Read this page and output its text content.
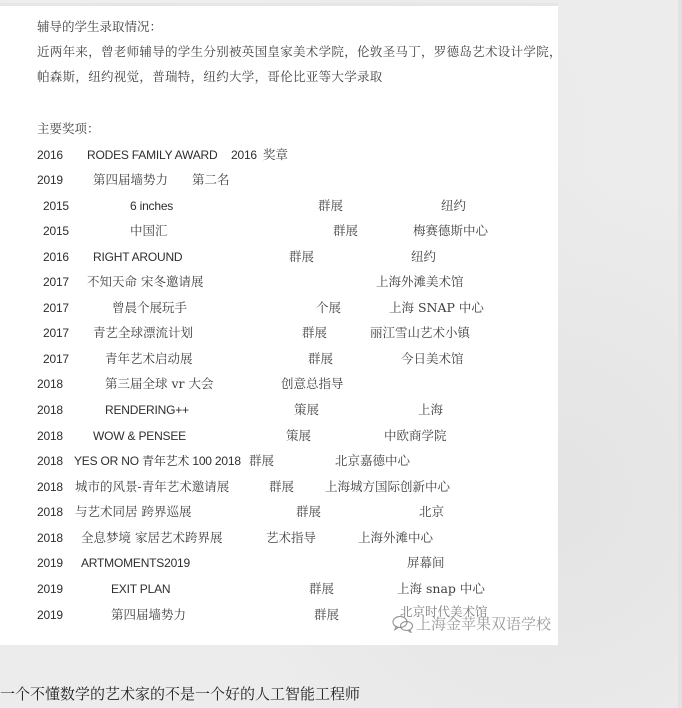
辅导的学生录取情况：
近两年来，曾老师辅导的学生分别被英国皇家美术学院，伦敦圣马丁，罗德岛艺术设计学院，
帕森斯，纽约视觉，普瑞特，纽约大学，哥伦比亚等大学录取
主要奖项：
2016 RODES FAMILY AWARD 2016 奖章
2019 第四届墙势力 第二名
2015	6 inches	群展	纽约
2015	中国汇	群展	梅赛德斯中心
2016 RIGHT AROUND	群展	纽约
2017 不知天命 宋冬邀请展	上海外滩美术馆
2017	曾晨个展玩手	个展	上海 SNAP 中心
2017 青艺全球漂流计划	群展	丽江雪山艺术小镇
2017	青年艺术启动展	群展	今日美术馆
2018	第三届全球 vr 大会	创意总指导
2018	RENDERING++	策展	上海
2018	WOW & PENSEE	策展	中欧商学院
2018 YES OR NO 青年艺术 100 2018 群展	北京嘉德中心
2018 城市的风景-青年艺术邀请展	群展 上海城方国际创新中心
2018 与艺术同居 跨界巡展	群展	北京
2018 全息梦境 家居艺术跨界展	艺术指导	上海外滩中心
2019 ARTMOMENTS2019	屏幕间
2019	EXIT PLAN	群展	上海 snap 中心
2019	第四届墙势力	群展	北京时代美术馆
上海金苹果双语学校
一个不懂数学的艺术家的不是一个好的人工智能工程师
